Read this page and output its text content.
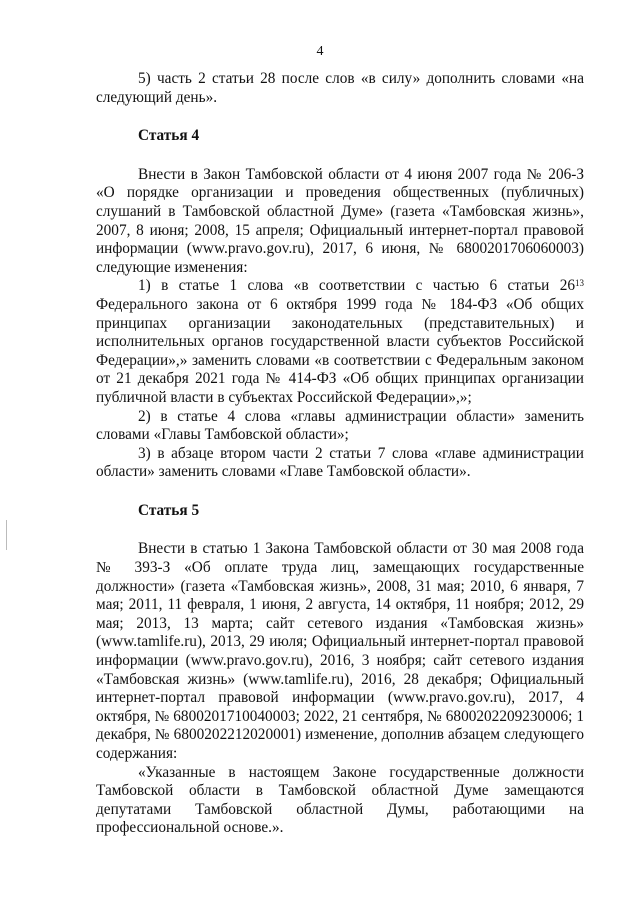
4

5) часть 2 статьи 28 после слов «в силу» дополнить словами «на следующий день».

Статья 4

Внести в Закон Тамбовской области от 4 июня 2007 года № 206-З «О порядке организации и проведения общественных (публичных) слушаний в Тамбовской областной Думе» (газета «Тамбовская жизнь», 2007, 8 июня; 2008, 15 апреля; Официальный интернет-портал правовой информации (www.pravo.gov.ru), 2017, 6 июня, № 6800201706060003) следующие изменения:

1) в статье 1 слова «в соответствии с частью 6 статьи $26^{13}$ Федерального закона от 6 октября 1999 года № 184-ФЗ «Об общих принципах организации законодательных (представительных) и исполнительных органов государственной власти субъектов Российской Федерации»,» заменить словами «в соответствии с Федеральным законом от 21 декабря 2021 года № 414-ФЗ «Об общих принципах организации публичной власти в субъектах Российской Федерации»,»;

2) в статье 4 слова «главы администрации области» заменить словами «Главы Тамбовской области»;

3) в абзаце втором части 2 статьи 7 слова «главе администрации области» заменить словами «Главе Тамбовской области».

Статья 5

Внести в статью 1 Закона Тамбовской области от 30 мая 2008 года № 393-З «Об оплате труда лиц, замещающих государственные должности» (газета «Тамбовская жизнь», 2008, 31 мая; 2010, 6 января, 7 мая; 2011, 11 февраля, 1 июня, 2 августа, 14 октября, 11 ноября; 2012, 29 мая; 2013, 13 марта; сайт сетевого издания «Тамбовская жизнь» (www.tamlife.ru), 2013, 29 июля; Официальный интернет-портал правовой информации (www.pravo.gov.ru), 2016, 3 ноября; сайт сетевого издания «Тамбовская жизнь» (www.tamlife.ru), 2016, 28 декабря; Официальный интернет-портал правовой информации (www.pravo.gov.ru), 2017, 4 октября, № 6800201710040003; 2022, 21 сентября, № 6800202209230006; 1 декабря, № 6800202212020001) изменение, дополнив абзацем следующего содержания:

«Указанные в настоящем Законе государственные должности Тамбовской области в Тамбовской областной Думе замещаются депутатами Тамбовской областной Думы, работающими на профессиональной основе.».
